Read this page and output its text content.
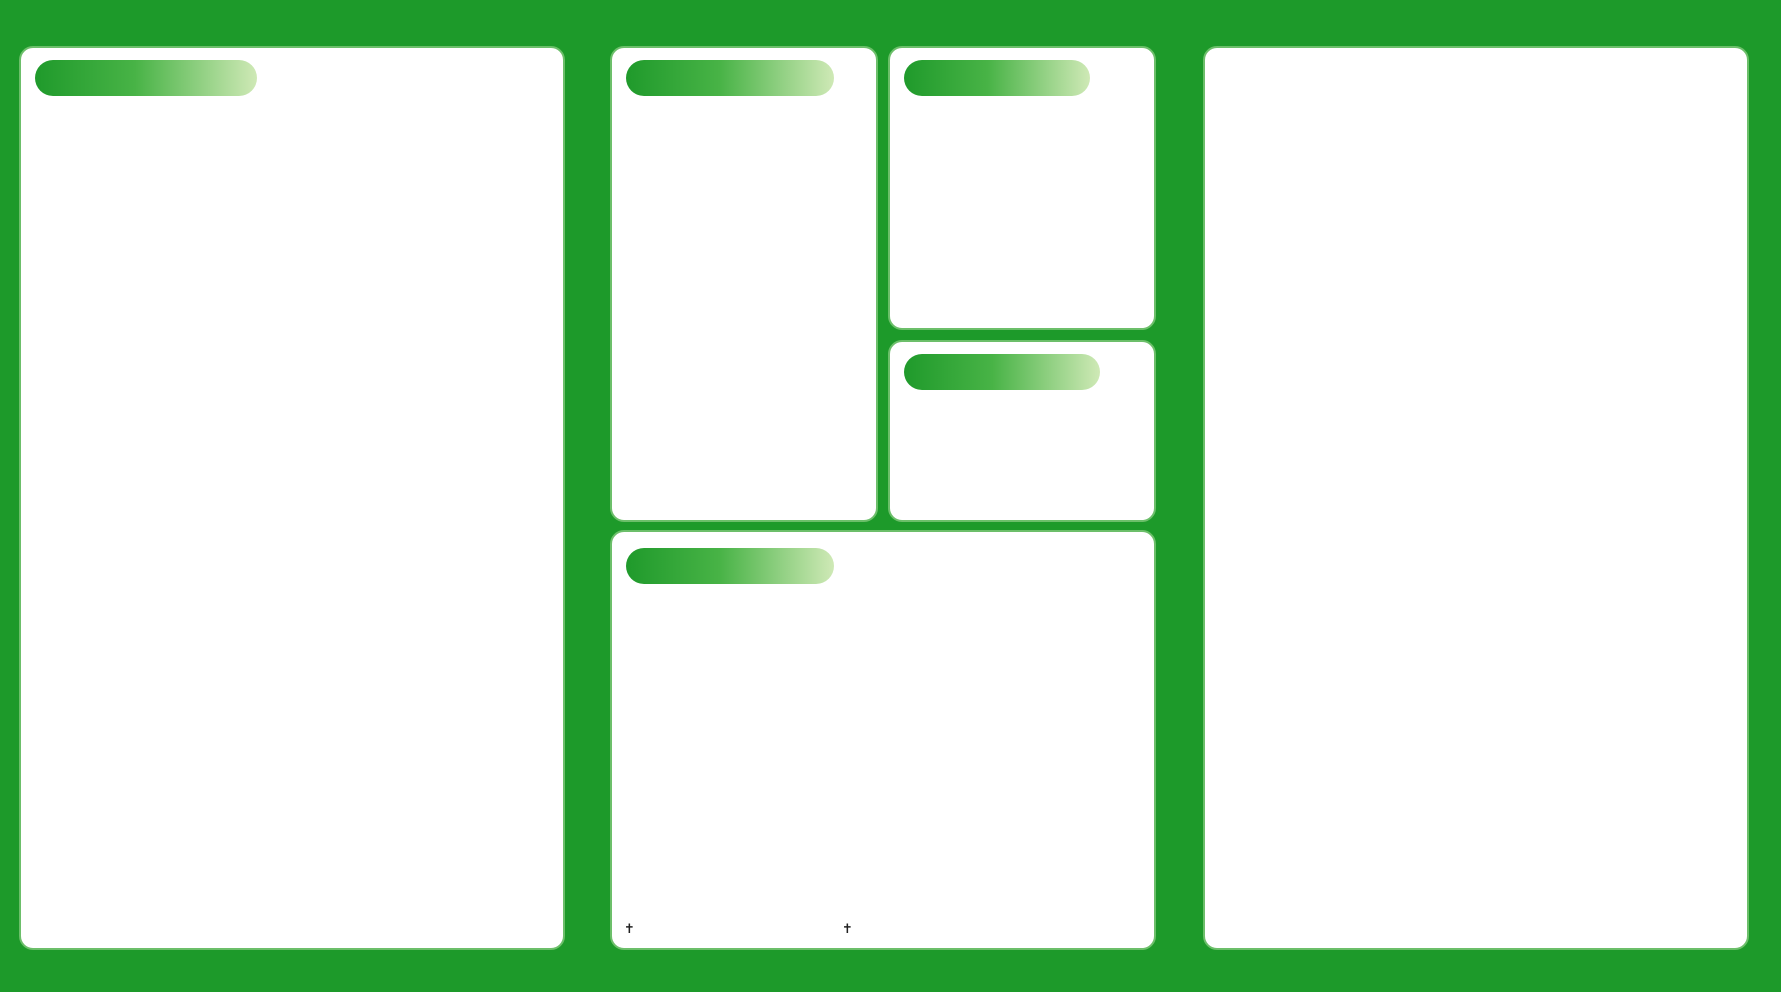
✝	✝
